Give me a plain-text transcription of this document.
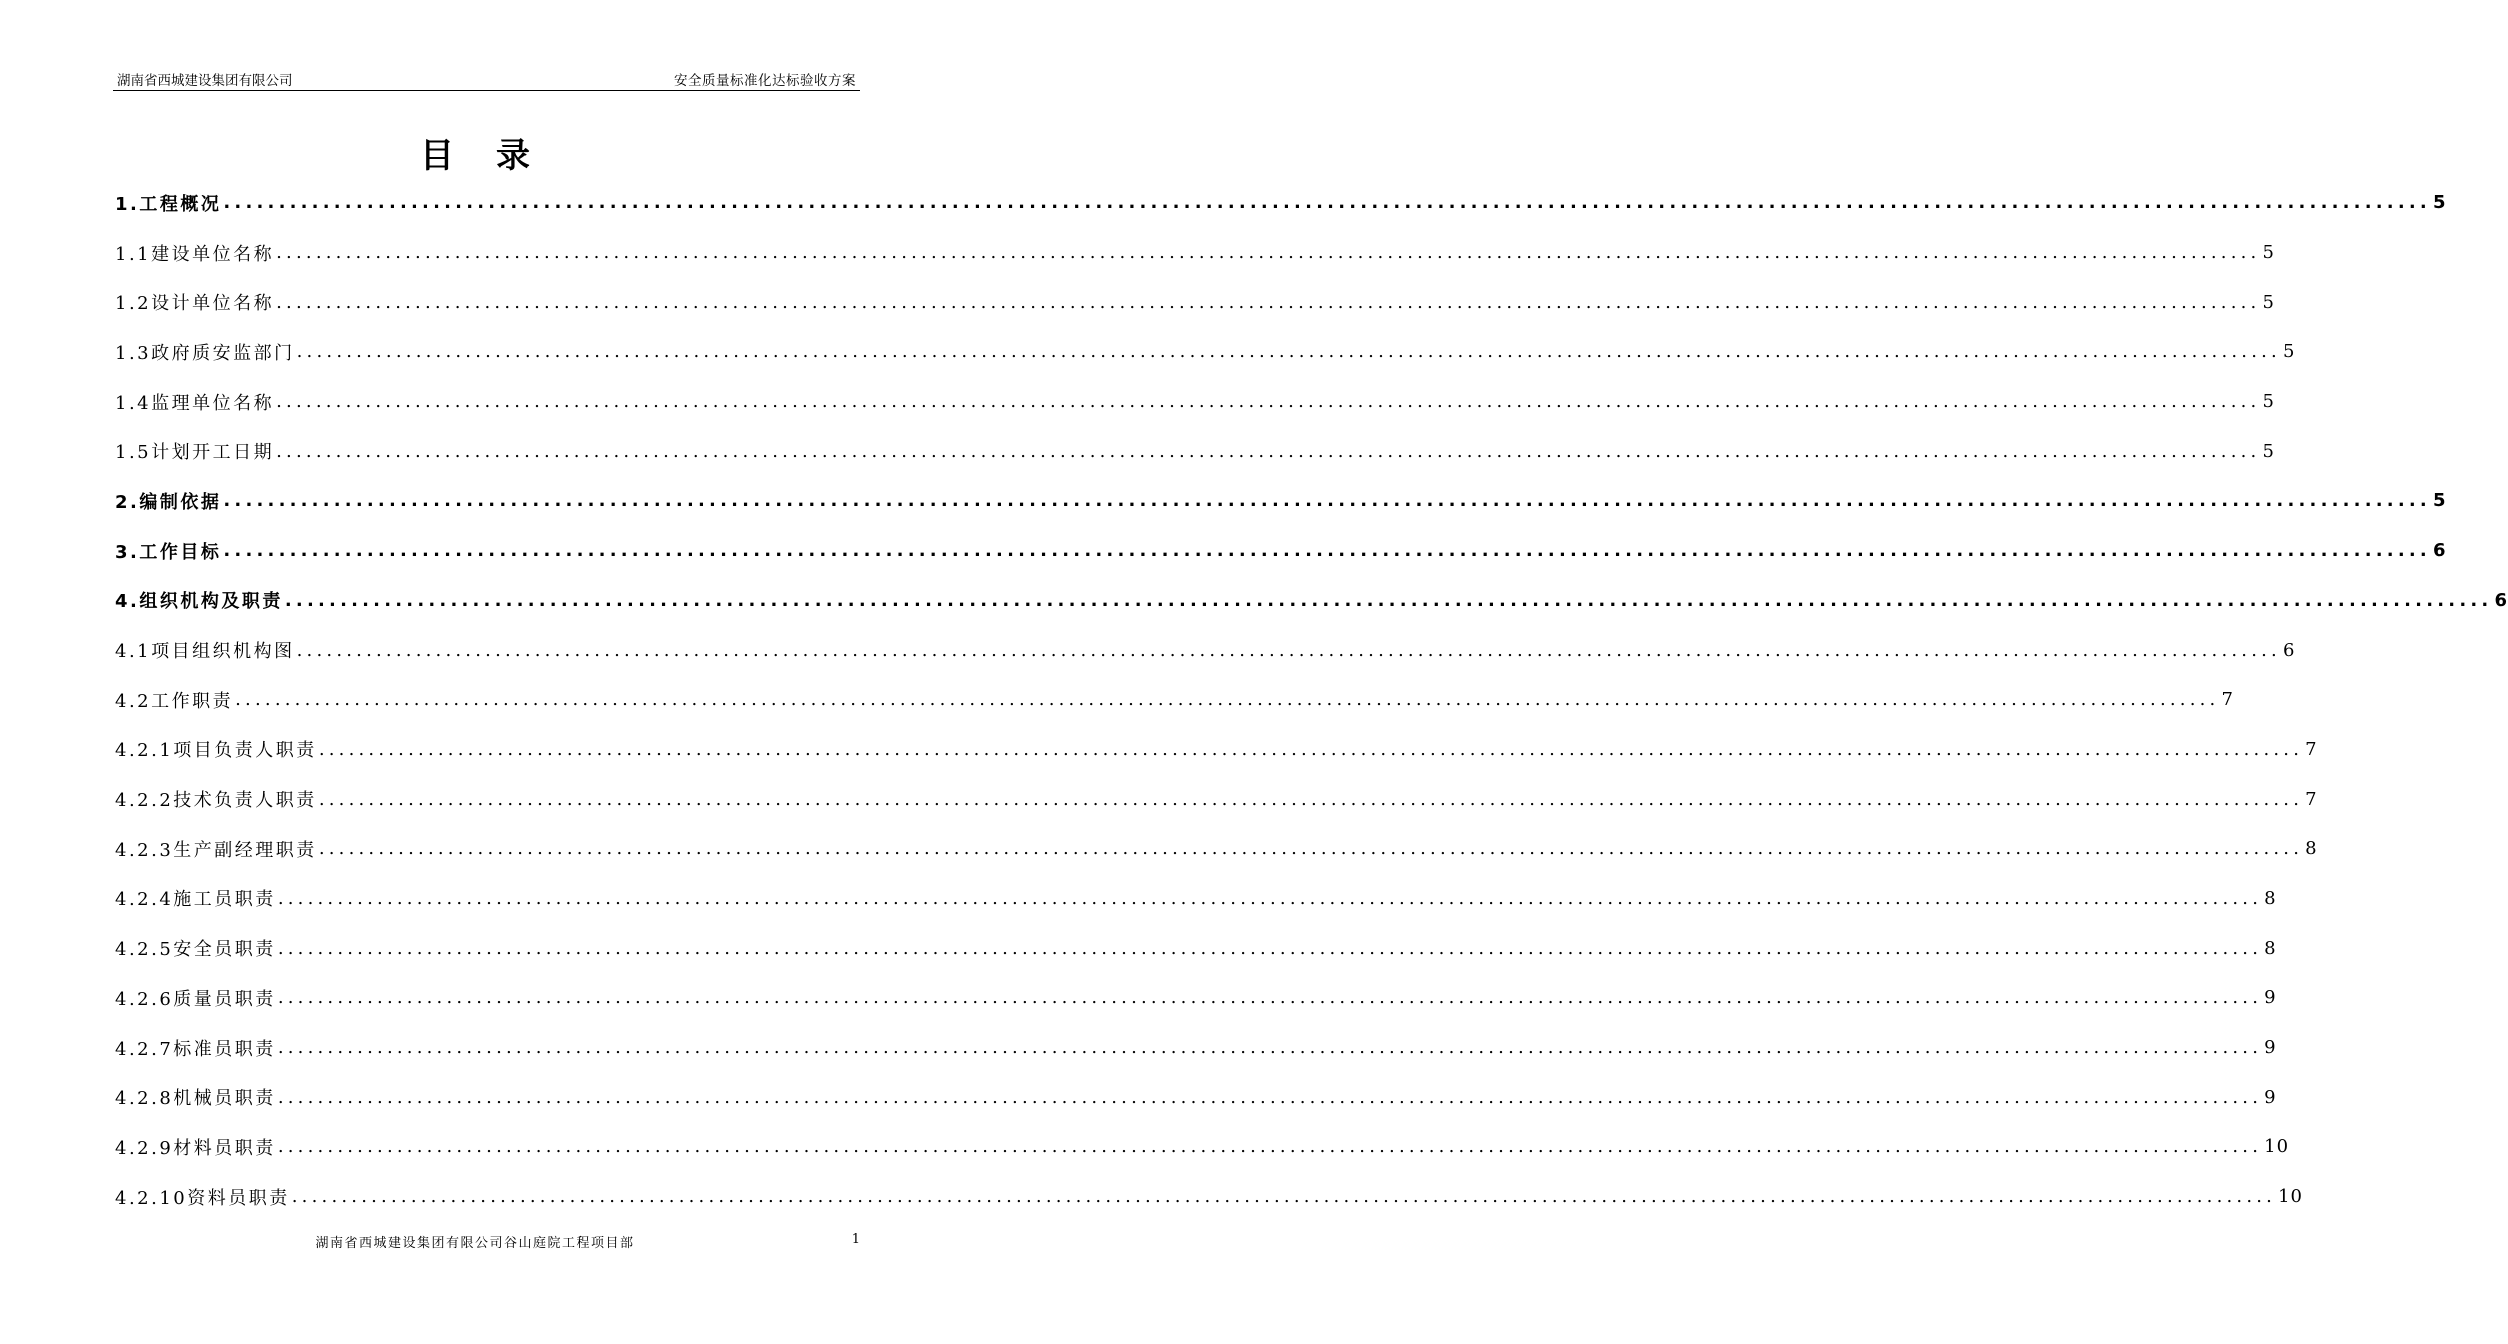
湖南省西城建设集团有限公司	安全质量标准化达标验收方案
目录
1.工程概况 ........................................................................................................................................................................................................ 5
1.1建设单位名称 ........................................................................................................................................................................................................ 5
1.2设计单位名称 ........................................................................................................................................................................................................ 5
1.3政府质安监部门 ........................................................................................................................................................................................................ 5
1.4监理单位名称 ........................................................................................................................................................................................................ 5
1.5计划开工日期 ........................................................................................................................................................................................................ 5
2.编制依据 ........................................................................................................................................................................................................ 5
3.工作目标 ........................................................................................................................................................................................................ 6
4.组织机构及职责 ........................................................................................................................................................................................................ 6
4.1项目组织机构图 ........................................................................................................................................................................................................ 6
4.2工作职责 ........................................................................................................................................................................................................ 7
4.2.1项目负责人职责 ........................................................................................................................................................................................................ 7
4.2.2技术负责人职责 ........................................................................................................................................................................................................ 7
4.2.3生产副经理职责 ........................................................................................................................................................................................................ 8
4.2.4施工员职责 ........................................................................................................................................................................................................ 8
4.2.5安全员职责 ........................................................................................................................................................................................................ 8
4.2.6质量员职责 ........................................................................................................................................................................................................ 9
4.2.7标准员职责 ........................................................................................................................................................................................................ 9
4.2.8机械员职责 ........................................................................................................................................................................................................ 9
4.2.9材料员职责 ........................................................................................................................................................................................................ 10
4.2.10资料员职责 ........................................................................................................................................................................................................ 10
湖南省西城建设集团有限公司谷山庭院工程项目部	1
